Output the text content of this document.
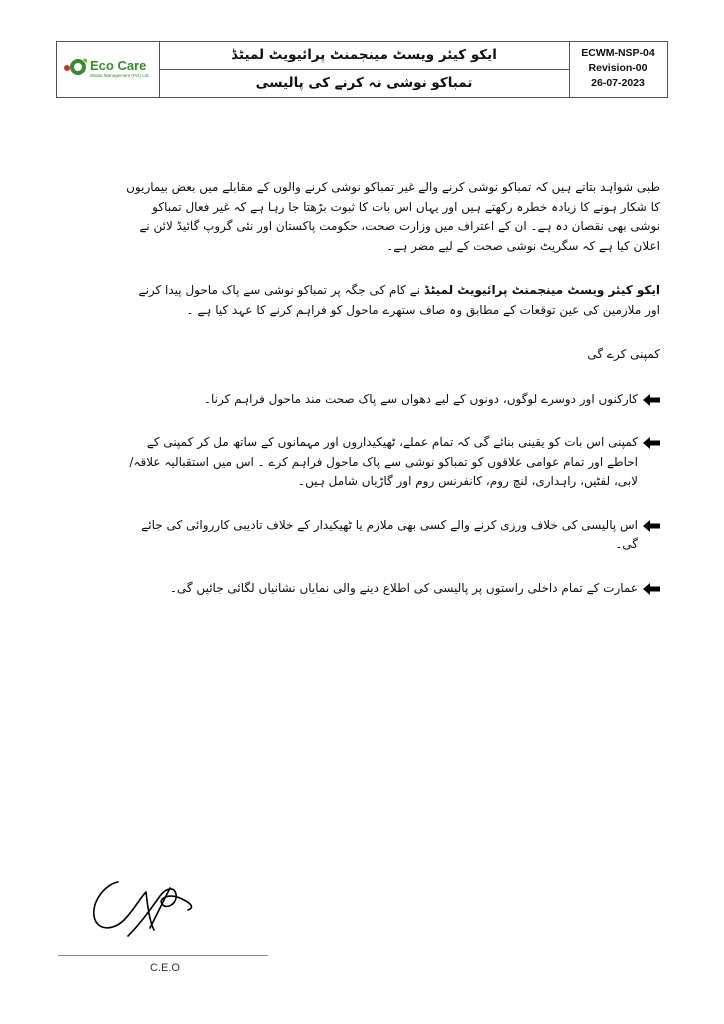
Eco Care
Waste Management (Pvt) Ltd.

ایکو کیئر ویسٹ مینجمنٹ پرائیویٹ لمیٹڈ

تمباکو نوشی نہ کرنے کی پالیسی

ECWM-NSP-04
Revision-00
26-07-2023

طبی شواہد بتاتے ہیں کہ تمباکو نوشی کرنے والے غیر تمباکو نوشی کرنے والوں کے مقابلے میں بعض بیماریوں کا شکار ہونے کا زیادہ خطرہ رکھتے ہیں اور یہاں اس بات کا ثبوت بڑھتا جا رہا ہے کہ غیر فعال تمباکو نوشی بھی نقصان دہ ہے۔ ان کے اعتراف میں وزارت صحت، حکومت پاکستان اور نئی گروپ گائیڈ لائن نے اعلان کیا ہے کہ سگریٹ نوشی صحت کے لیے مضر ہے۔

ایکو کیئر ویسٹ مینجمنٹ پرائیویٹ لمیٹڈ نے کام کی جگہ پر تمباکو نوشی سے پاک ماحول پیدا کرنے اور ملازمین کی عین توقعات کے مطابق وہ صاف ستھرے ماحول کو فراہم کرنے کا عہد کیا ہے ۔

کمپنی کرے گی

کارکنوں اور دوسرے لوگوں، دونوں کے لیے دھواں سے پاک صحت مند ماحول فراہم کرنا۔
کمپنی اس بات کو یقینی بنائے گی کہ تمام عملے، ٹھیکیداروں اور مہمانوں کے ساتھ مل کر کمپنی کے احاطے اور تمام عوامی علاقوں کو تمباکو نوشی سے پاک ماحول فراہم کرے ۔ اس میں استقبالیہ علاقہ/لابی، لفٹیں، راہداری، لنچ روم، کانفرنس روم اور گاڑیاں شامل ہیں۔
اس پالیسی کی خلاف ورزی کرنے والے کسی بھی ملازم یا ٹھیکیدار کے خلاف تادیبی کارروائی کی جائے گی۔
عمارت کے تمام داخلی راستوں پر پالیسی کی اطلاع دینے والی نمایاں نشانیاں لگائی جائیں گی۔
C.E.O
